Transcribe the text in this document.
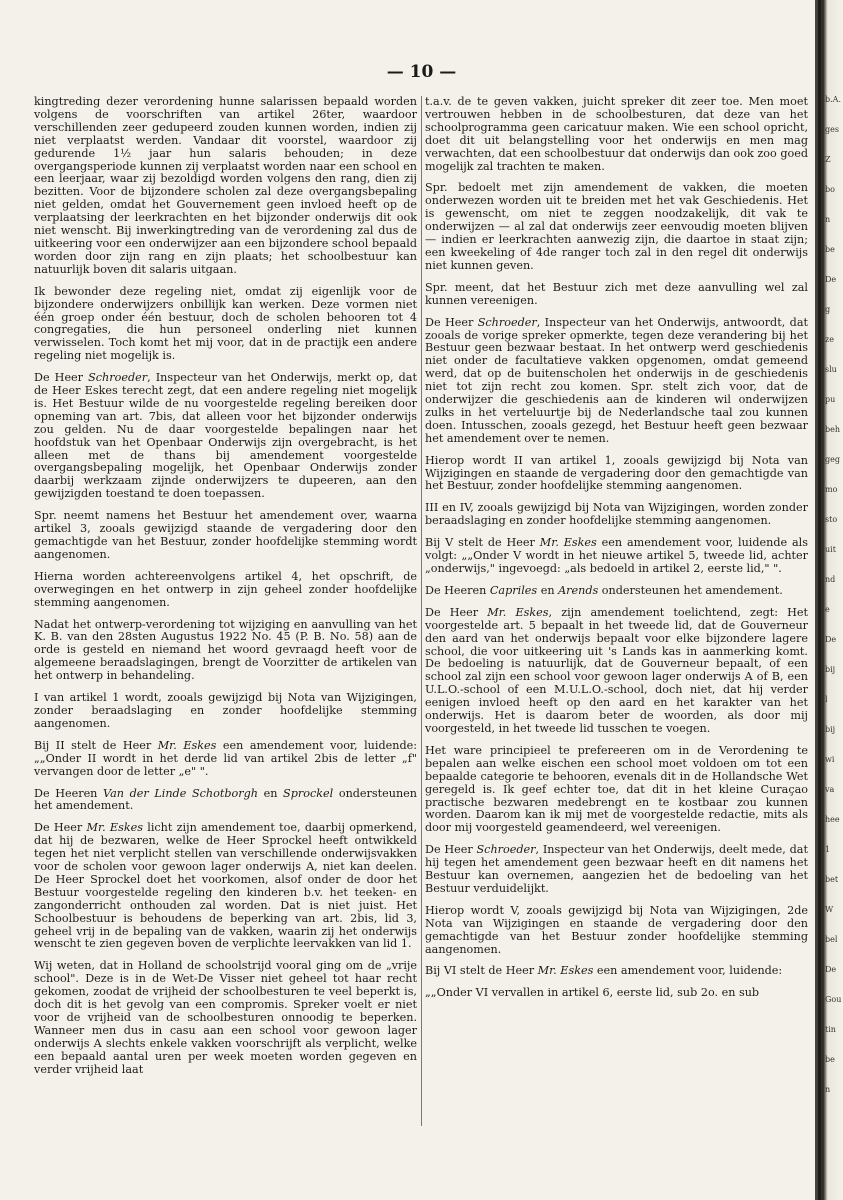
— 10 —

kingtreding dezer verordening hunne salarissen bepaald worden volgens de voorschriften van artikel 26ter, waardoor verschillenden zeer gedupeerd zouden kunnen worden, indien zij niet verplaatst werden. Vandaar dit voorstel, waardoor zij gedurende 1½ jaar hun salaris behouden; in deze overgangsperiode kunnen zij verplaatst worden naar een school en een leerjaar, waar zij bezoldigd worden volgens den rang, dien zij bezitten. Voor de bijzondere scholen zal deze overgangsbepaling niet gelden, omdat het Gouvernement geen invloed heeft op de verplaatsing der leerkrachten en het bijzonder onderwijs dit ook niet wenscht. Bij inwerkingtreding van de verordening zal dus de uitkeering voor een onderwijzer aan een bijzondere school bepaald worden door zijn rang en zijn plaats; het schoolbestuur kan natuurlijk boven dit salaris uitgaan.

Ik bewonder deze regeling niet, omdat zij eigenlijk voor de bijzondere onderwijzers onbillijk kan werken. Deze vormen niet één groep onder één bestuur, doch de scholen behooren tot 4 congregaties, die hun personeel onderling niet kunnen verwisselen. Toch komt het mij voor, dat in de practijk een andere regeling niet mogelijk is.

De Heer Schroeder, Inspecteur van het Onderwijs, merkt op, dat de Heer Eskes terecht zegt, dat een andere regeling niet mogelijk is. Het Bestuur wilde de nu voorgestelde regeling bereiken door opneming van art. 7bis, dat alleen voor het bijzonder onderwijs zou gelden. Nu de daar voorgestelde bepalingen naar het hoofdstuk van het Openbaar Onderwijs zijn overgebracht, is het alleen met de thans bij amendement voorgestelde overgangsbepaling mogelijk, het Openbaar Onderwijs zonder daarbij werkzaam zijnde onderwijzers te dupeeren, aan den gewijzigden toestand te doen toepassen.

Spr. neemt namens het Bestuur het amendement over, waarna artikel 3, zooals gewijzigd staande de vergadering door den gemachtigde van het Bestuur, zonder hoofdelijke stemming wordt aangenomen.

Hierna worden achtereenvolgens artikel 4, het opschrift, de overwegingen en het ontwerp in zijn geheel zonder hoofdelijke stemming aangenomen.

Nadat het ontwerp-verordening tot wijziging en aanvulling van het K. B. van den 28sten Augustus 1922 No. 45 (P. B. No. 58) aan de orde is gesteld en niemand het woord gevraagd heeft voor de algemeene beraadslagingen, brengt de Voorzitter de artikelen van het ontwerp in behandeling.

I van artikel 1 wordt, zooals gewijzigd bij Nota van Wijzigingen, zonder beraadslaging en zonder hoofdelijke stemming aangenomen.

Bij II stelt de Heer Mr. Eskes een amendement voor, luidende: „„Onder II wordt in het derde lid van artikel 2bis de letter „f" vervangen door de letter „e" ".

De Heeren Van der Linde Schotborgh en Sprockel ondersteunen het amendement.

De Heer Mr. Eskes licht zijn amendement toe, daarbij opmerkend, dat hij de bezwaren, welke de Heer Sprockel heeft ontwikkeld tegen het niet verplicht stellen van verschillende onderwijsvakken voor de scholen voor gewoon lager onderwijs A, niet kan deelen. De Heer Sprockel doet het voorkomen, alsof onder de door het Bestuur voorgestelde regeling den kinderen b.v. het teeken- en zangonderricht onthouden zal worden. Dat is niet juist. Het Schoolbestuur is behoudens de beperking van art. 2bis, lid 3, geheel vrij in de bepaling van de vakken, waarin zij het onderwijs wenscht te zien gegeven boven de verplichte leervakken van lid 1.

Wij weten, dat in Holland de schoolstrijd vooral ging om de „vrije school". Deze is in de Wet-De Visser niet geheel tot haar recht gekomen, zoodat de vrijheid der schoolbesturen te veel beperkt is, doch dit is het gevolg van een compromis. Spreker voelt er niet voor de vrijheid van de schoolbesturen onnoodig te beperken. Wanneer men dus in casu aan een school voor gewoon lager onderwijs A slechts enkele vakken voorschrijft als verplicht, welke een bepaald aantal uren per week moeten worden gegeven en verder vrijheid laat

t.a.v. de te geven vakken, juicht spreker dit zeer toe. Men moet vertrouwen hebben in de schoolbesturen, dat deze van het schoolprogramma geen caricatuur maken. Wie een school opricht, doet dit uit belangstelling voor het onderwijs en men mag verwachten, dat een schoolbestuur dat onderwijs dan ook zoo goed mogelijk zal trachten te maken.

Spr. bedoelt met zijn amendement de vakken, die moeten onderwezen worden uit te breiden met het vak Geschiedenis. Het is gewenscht, om niet te zeggen noodzakelijk, dit vak te onderwijzen — al zal dat onderwijs zeer eenvoudig moeten blijven — indien er leerkrachten aanwezig zijn, die daartoe in staat zijn; een kweekeling of 4de ranger toch zal in den regel dit onderwijs niet kunnen geven.

Spr. meent, dat het Bestuur zich met deze aanvulling wel zal kunnen vereenigen.

De Heer Schroeder, Inspecteur van het Onderwijs, antwoordt, dat zooals de vorige spreker opmerkte, tegen deze verandering bij het Bestuur geen bezwaar bestaat. In het ontwerp werd geschiedenis niet onder de facultatieve vakken opgenomen, omdat gemeend werd, dat op de buitenscholen het onderwijs in de geschiedenis niet tot zijn recht zou komen. Spr. stelt zich voor, dat de onderwijzer die geschiedenis aan de kinderen wil onderwijzen zulks in het verteluurtje bij de Nederlandsche taal zou kunnen doen. Intusschen, zooals gezegd, het Bestuur heeft geen bezwaar het amendement over te nemen.

Hierop wordt II van artikel 1, zooals gewijzigd bij Nota van Wijzigingen en staande de vergadering door den gemachtigde van het Bestuur, zonder hoofdelijke stemming aangenomen.

III en IV, zooals gewijzigd bij Nota van Wijzigingen, worden zonder beraadslaging en zonder hoofdelijke stemming aangenomen.

Bij V stelt de Heer Mr. Eskes een amendement voor, luidende als volgt: „„Onder V wordt in het nieuwe artikel 5, tweede lid, achter „onderwijs," ingevoegd: „als bedoeld in artikel 2, eerste lid," ".

De Heeren Capriles en Arends ondersteunen het amendement.

De Heer Mr. Eskes, zijn amendement toelichtend, zegt: Het voorgestelde art. 5 bepaalt in het tweede lid, dat de Gouverneur den aard van het onderwijs bepaalt voor elke bijzondere lagere school, die voor uitkeering uit 's Lands kas in aanmerking komt. De bedoeling is natuurlijk, dat de Gouverneur bepaalt, of een school zal zijn een school voor gewoon lager onderwijs A of B, een U.L.O.-school of een M.U.L.O.-school, doch niet, dat hij verder eenigen invloed heeft op den aard en het karakter van het onderwijs. Het is daarom beter de woorden, als door mij voorgesteld, in het tweede lid tusschen te voegen.

Het ware principieel te prefereeren om in de Verordening te bepalen aan welke eischen een school moet voldoen om tot een bepaalde categorie te behooren, evenals dit in de Hollandsche Wet geregeld is. Ik geef echter toe, dat dit in het kleine Curaçao practische bezwaren medebrengt en te kostbaar zou kunnen worden. Daarom kan ik mij met de voorgestelde redactie, mits als door mij voorgesteld geamendeerd, wel vereenigen.

De Heer Schroeder, Inspecteur van het Onderwijs, deelt mede, dat hij tegen het amendement geen bezwaar heeft en dit namens het Bestuur kan overnemen, aangezien het de bedoeling van het Bestuur verduidelijkt.

Hierop wordt V, zooals gewijzigd bij Nota van Wijzigingen, 2de Nota van Wijzigingen en staande de vergadering door den gemachtigde van het Bestuur zonder hoofdelijke stemming aangenomen.

Bij VI stelt de Heer Mr. Eskes een amendement voor, luidende:

„„Onder VI vervallen in artikel 6, eerste lid, sub 2o. en sub

b.A.
ges
Z
bo
n
be
De
g
ze
slu
pu
beh
geg
mo
sto
uit
nd
e
De
bij
l
bij
wi
va
hee
1
bet
W
bel
De
Gou
tin
be
n
